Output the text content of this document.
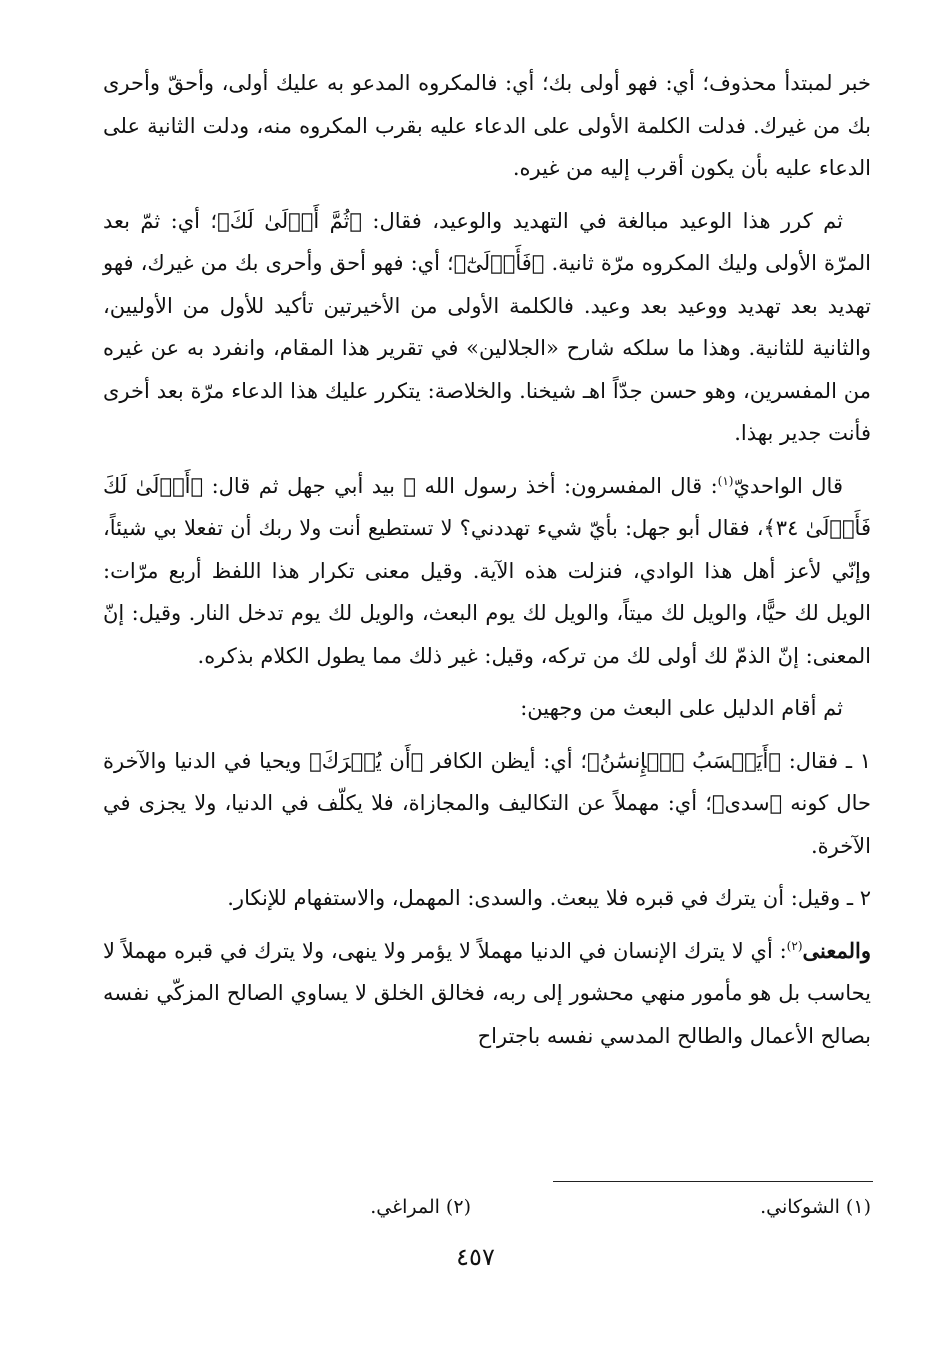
خبر لمبتدأ محذوف؛ أي: فهو أولى بك؛ أي: فالمكروه المدعو به عليك أولى، وأحقّ وأحرى بك من غيرك. فدلت الكلمة الأولى على الدعاء عليه بقرب المكروه منه، ودلت الثانية على الدعاء عليه بأن يكون أقرب إليه من غيره.

ثم كرر هذا الوعيد مبالغة في التهديد والوعيد، فقال: ﴿ثُمَّ أَوۡلَىٰ لَكَ﴾؛ أي: ثمّ بعد المرّة الأولى وليك المكروه مرّة ثانية. ﴿فَأَوۡلَىٰٓ﴾؛ أي: فهو أحق وأحرى بك من غيرك، فهو تهديد بعد تهديد ووعيد بعد وعيد. فالكلمة الأولى من الأخيرتين تأكيد للأول من الأوليين، والثانية للثانية. وهذا ما سلكه شارح «الجلالين» في تقرير هذا المقام، وانفرد به عن غيره من المفسرين، وهو حسن جدّاً اهـ شيخنا. والخلاصة: يتكرر عليك هذا الدعاء مرّة بعد أخرى فأنت جدير بهذا.

قال الواحديّ$^{(١)}$: قال المفسرون: أخذ رسول الله ﷺ بيد أبي جهل ثم قال: ﴿أَوۡلَىٰ لَكَ فَأَوۡلَىٰ ٣٤﴾، فقال أبو جهل: بأيّ شيء تهددني؟ لا تستطيع أنت ولا ربك أن تفعلا بي شيئاً، وإنّي لأعز أهل هذا الوادي، فنزلت هذه الآية. وقيل معنى تكرار هذا اللفظ أربع مرّات: الويل لك حيًّا، والويل لك ميتاً، والويل لك يوم البعث، والويل لك يوم تدخل النار. وقيل: إنّ المعنى: إنّ الذمّ لك أولى لك من تركه، وقيل: غير ذلك مما يطول الكلام بذكره.

ثم أقام الدليل على البعث من وجهين:

١ ـ فقال: ﴿أَيَحۡسَبُ ٱلۡإِنسَٰنُ﴾؛ أي: أيظن الكافر ﴿أَن يُتۡرَكَ﴾ ويحيا في الدنيا والآخرة حال كونه ﴿سدى﴾؛ أي: مهملاً عن التكاليف والمجازاة، فلا يكلّف في الدنيا، ولا يجزى في الآخرة.

٢ ـ وقيل: أن يترك في قبره فلا يبعث. والسدى: المهمل، والاستفهام للإنكار.

والمعنى$^{(٢)}$: أي لا يترك الإنسان في الدنيا مهملاً لا يؤمر ولا ينهى، ولا يترك في قبره مهملاً لا يحاسب بل هو مأمور منهي محشور إلى ربه، فخالق الخلق لا يساوي الصالح المزكّي نفسه بصالح الأعمال والطالح المدسي نفسه باجتراح

(١) الشوكاني.
(٢) المراغي.
٤٥٧
